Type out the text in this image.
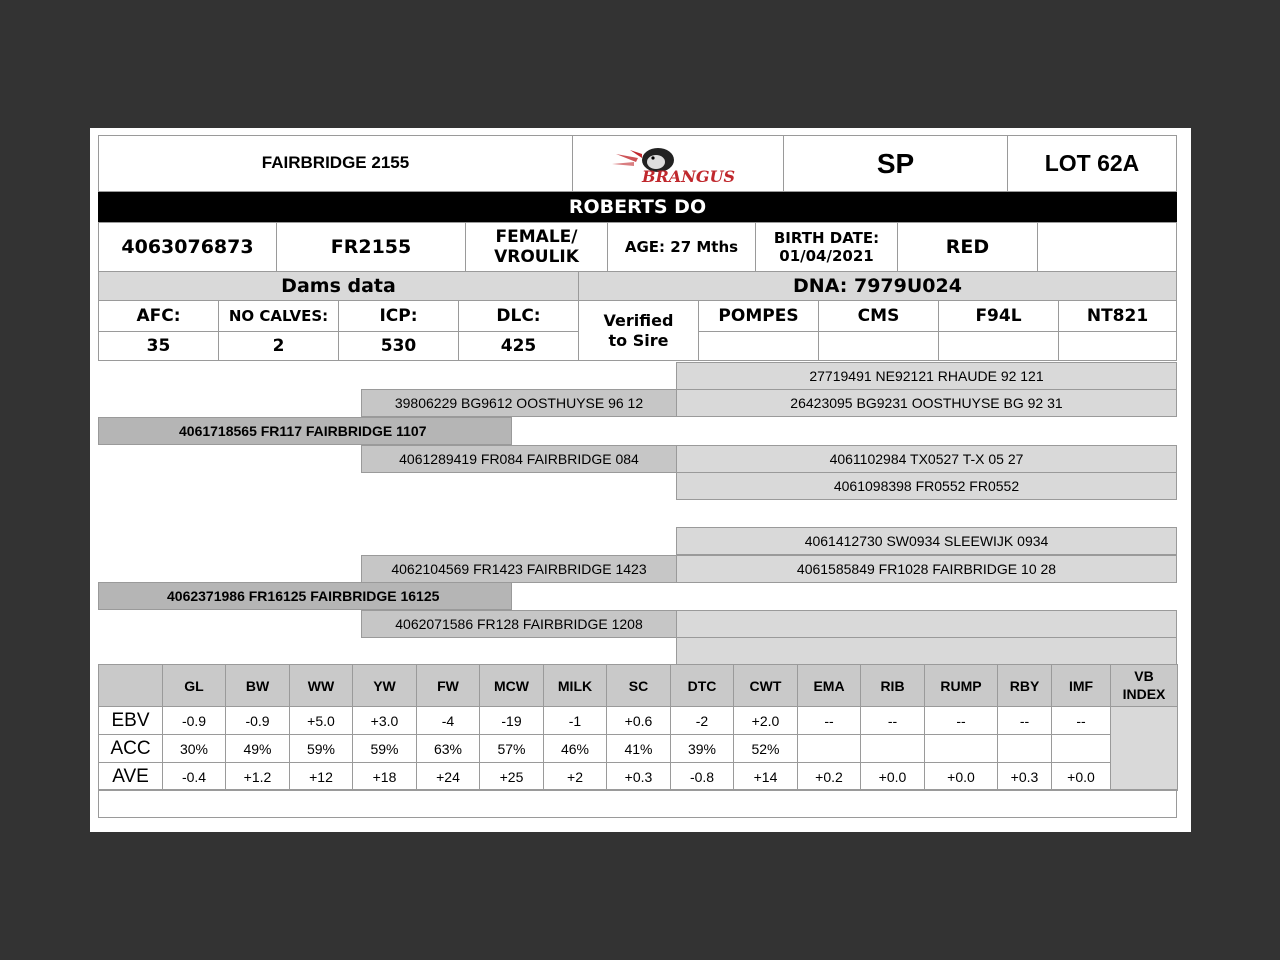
FAIRBRIDGE 2155
BRANGUS	SP	LOT 62A
ROBERTS DO
4063076873	FR2155	FEMALE/ VROULIK	AGE: 27 Mths	BIRTH DATE: 01/04/2021	RED
Dams data	DNA: 7979U024
AFC:	NO CALVES:	ICP:	DLC:
35	2	530	425
Verified to Sire
POMPES	CMS	F94L	NT821
27719491 NE92121 RHAUDE 92 121
39806229 BG9612 OOSTHUYSE 96 12	26423095 BG9231 OOSTHUYSE BG 92 31
4061718565 FR117 FAIRBRIDGE 1107
4061289419 FR084 FAIRBRIDGE 084	4061102984 TX0527 T-X 05 27
4061098398 FR0552 FR0552
4061412730 SW0934 SLEEWIJK 0934
4062104569 FR1423 FAIRBRIDGE 1423	4061585849 FR1028 FAIRBRIDGE 10 28
4062371986 FR16125 FAIRBRIDGE 16125
4062071586 FR128 FAIRBRIDGE 1208
	GL	BW	WW	YW	FW	MCW	MILK	SC	DTC	CWT	EMA	RIB	RUMP	RBY	IMF	VB INDEX
EBV	-0.9	-0.9	+5.0	+3.0	-4	-19	-1	+0.6	-2	+2.0	--	--	--	--	--	
ACC	30%	49%	59%	59%	63%	57%	46%	41%	39%	52%						
AVE	-0.4	+1.2	+12	+18	+24	+25	+2	+0.3	-0.8	+14	+0.2	+0.0	+0.0	+0.3	+0.0	
